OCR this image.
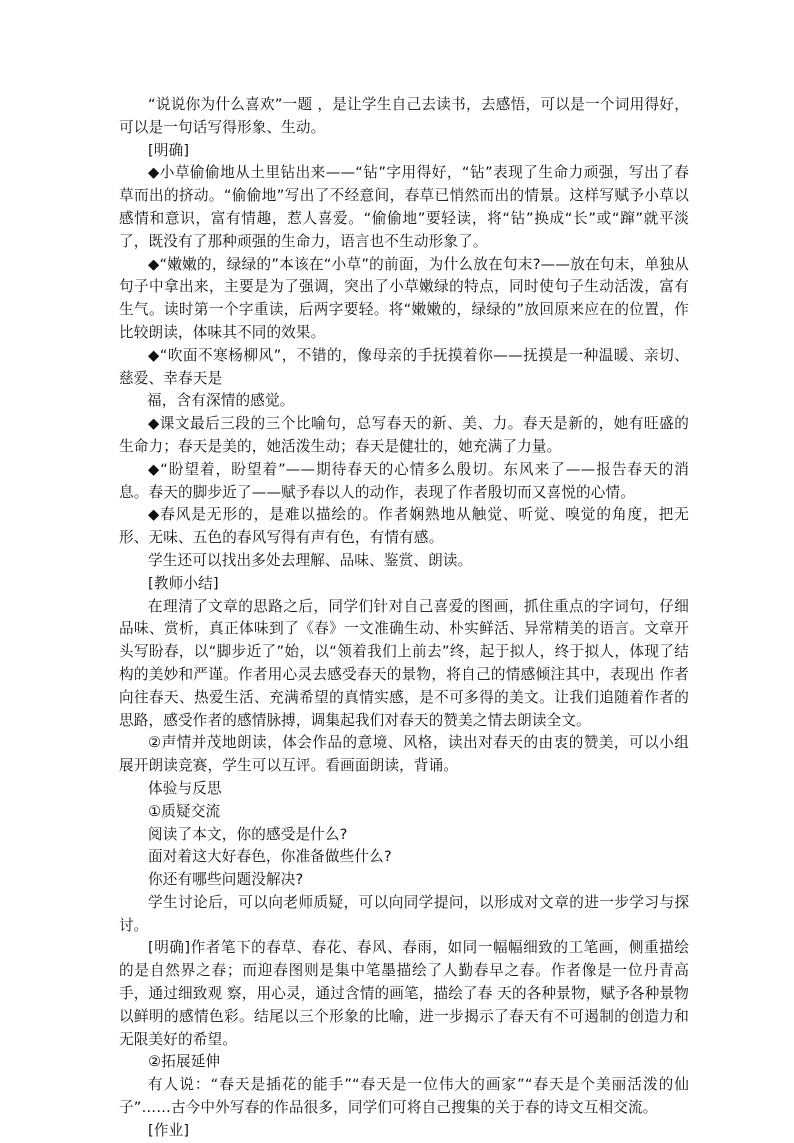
“说说你为什么喜欢”一题 ，是让学生自己去读书，去感悟，可以是一个词用得好，可以是一句话写得形象、生动。

[明确]

◆小草偷偷地从土里钻出来——“钻”字用得好，“钻”表现了生命力顽强，写出了春草而出的挤动。“偷偷地”写出了不经意间，春草已悄然而出的情景。这样写赋予小草以感情和意识，富有情趣，惹人喜爱。“偷偷地”要轻读，将“钻”换成“长”或“蹿”就平淡了，既没有了那种顽强的生命力，语言也不生动形象了。

◆“嫩嫩的，绿绿的”本该在“小草”的前面，为什么放在句末?——放在句末，单独从句子中拿出来，主要是为了强调，突出了小草嫩绿的特点，同时使句子生动活泼，富有生气。读时第一个字重读，后两字要轻。将“嫩嫩的，绿绿的”放回原来应在的位置，作比较朗读，体味其不同的效果。

◆“吹面不寒杨柳风”，不错的，像母亲的手抚摸着你——抚摸是一种温暖、亲切、慈爱、幸春天是

福，含有深情的感觉。

◆课文最后三段的三个比喻句，总写春天的新、美、力。春天是新的，她有旺盛的生命力；春天是美的，她活泼生动；春天是健壮的，她充满了力量。

◆“盼望着，盼望着”——期待春天的心情多么殷切。东风来了——报告春天的消息。春天的脚步近了——赋予春以人的动作，表现了作者殷切而又喜悦的心情。

◆春风是无形的，是难以描绘的。作者娴熟地从触觉、听觉、嗅觉的角度，把无形、无味、五色的春风写得有声有色，有情有感。

学生还可以找出多处去理解、品味、鉴赏、朗读。

[教师小结]

在理清了文章的思路之后，同学们针对自己喜爱的图画，抓住重点的字词句，仔细品味、赏析，真正体味到了《春》一文准确生动、朴实鲜活、异常精美的语言。文章开头写盼春，以“脚步近了”始，以“领着我们上前去”终，起于拟人，终于拟人，体现了结构的美妙和严谨。作者用心灵去感受春天的景物，将自己的情感倾注其中，表现出 作者向往春天、热爱生活、充满希望的真情实感，是不可多得的美文。让我们追随着作者的思路，感受作者的感情脉搏，调集起我们对春天的赞美之情去朗读全文。

②声情并茂地朗读，体会作品的意境、风格，读出对春天的由衷的赞美，可以小组展开朗读竞赛，学生可以互评。看画面朗读，背诵。

体验与反思

①质疑交流

阅读了本文，你的感受是什么?

面对着这大好春色，你准备做些什么?

你还有哪些问题没解决?

学生讨论后，可以向老师质疑，可以向同学提问，以形成对文章的进一步学习与探讨。

[明确]作者笔下的春草、春花、春风、春雨，如同一幅幅细致的工笔画，侧重描绘的是自然界之春；而迎春图则是集中笔墨描绘了人勤春早之春。作者像是一位丹青高手，通过细致观 察，用心灵，通过含情的画笔，描绘了春 天的各种景物，赋予各种景物以鲜明的感情色彩。结尾以三个形象的比喻，进一步揭示了春天有不可遏制的创造力和无限美好的希望。

②拓展延伸

有人说：“春天是插花的能手”“春天是一位伟大的画家”“春天是个美丽活泼的仙子”……古今中外写春的作品很多，同学们可将自己搜集的关于春的诗文互相交流。

[作业]
